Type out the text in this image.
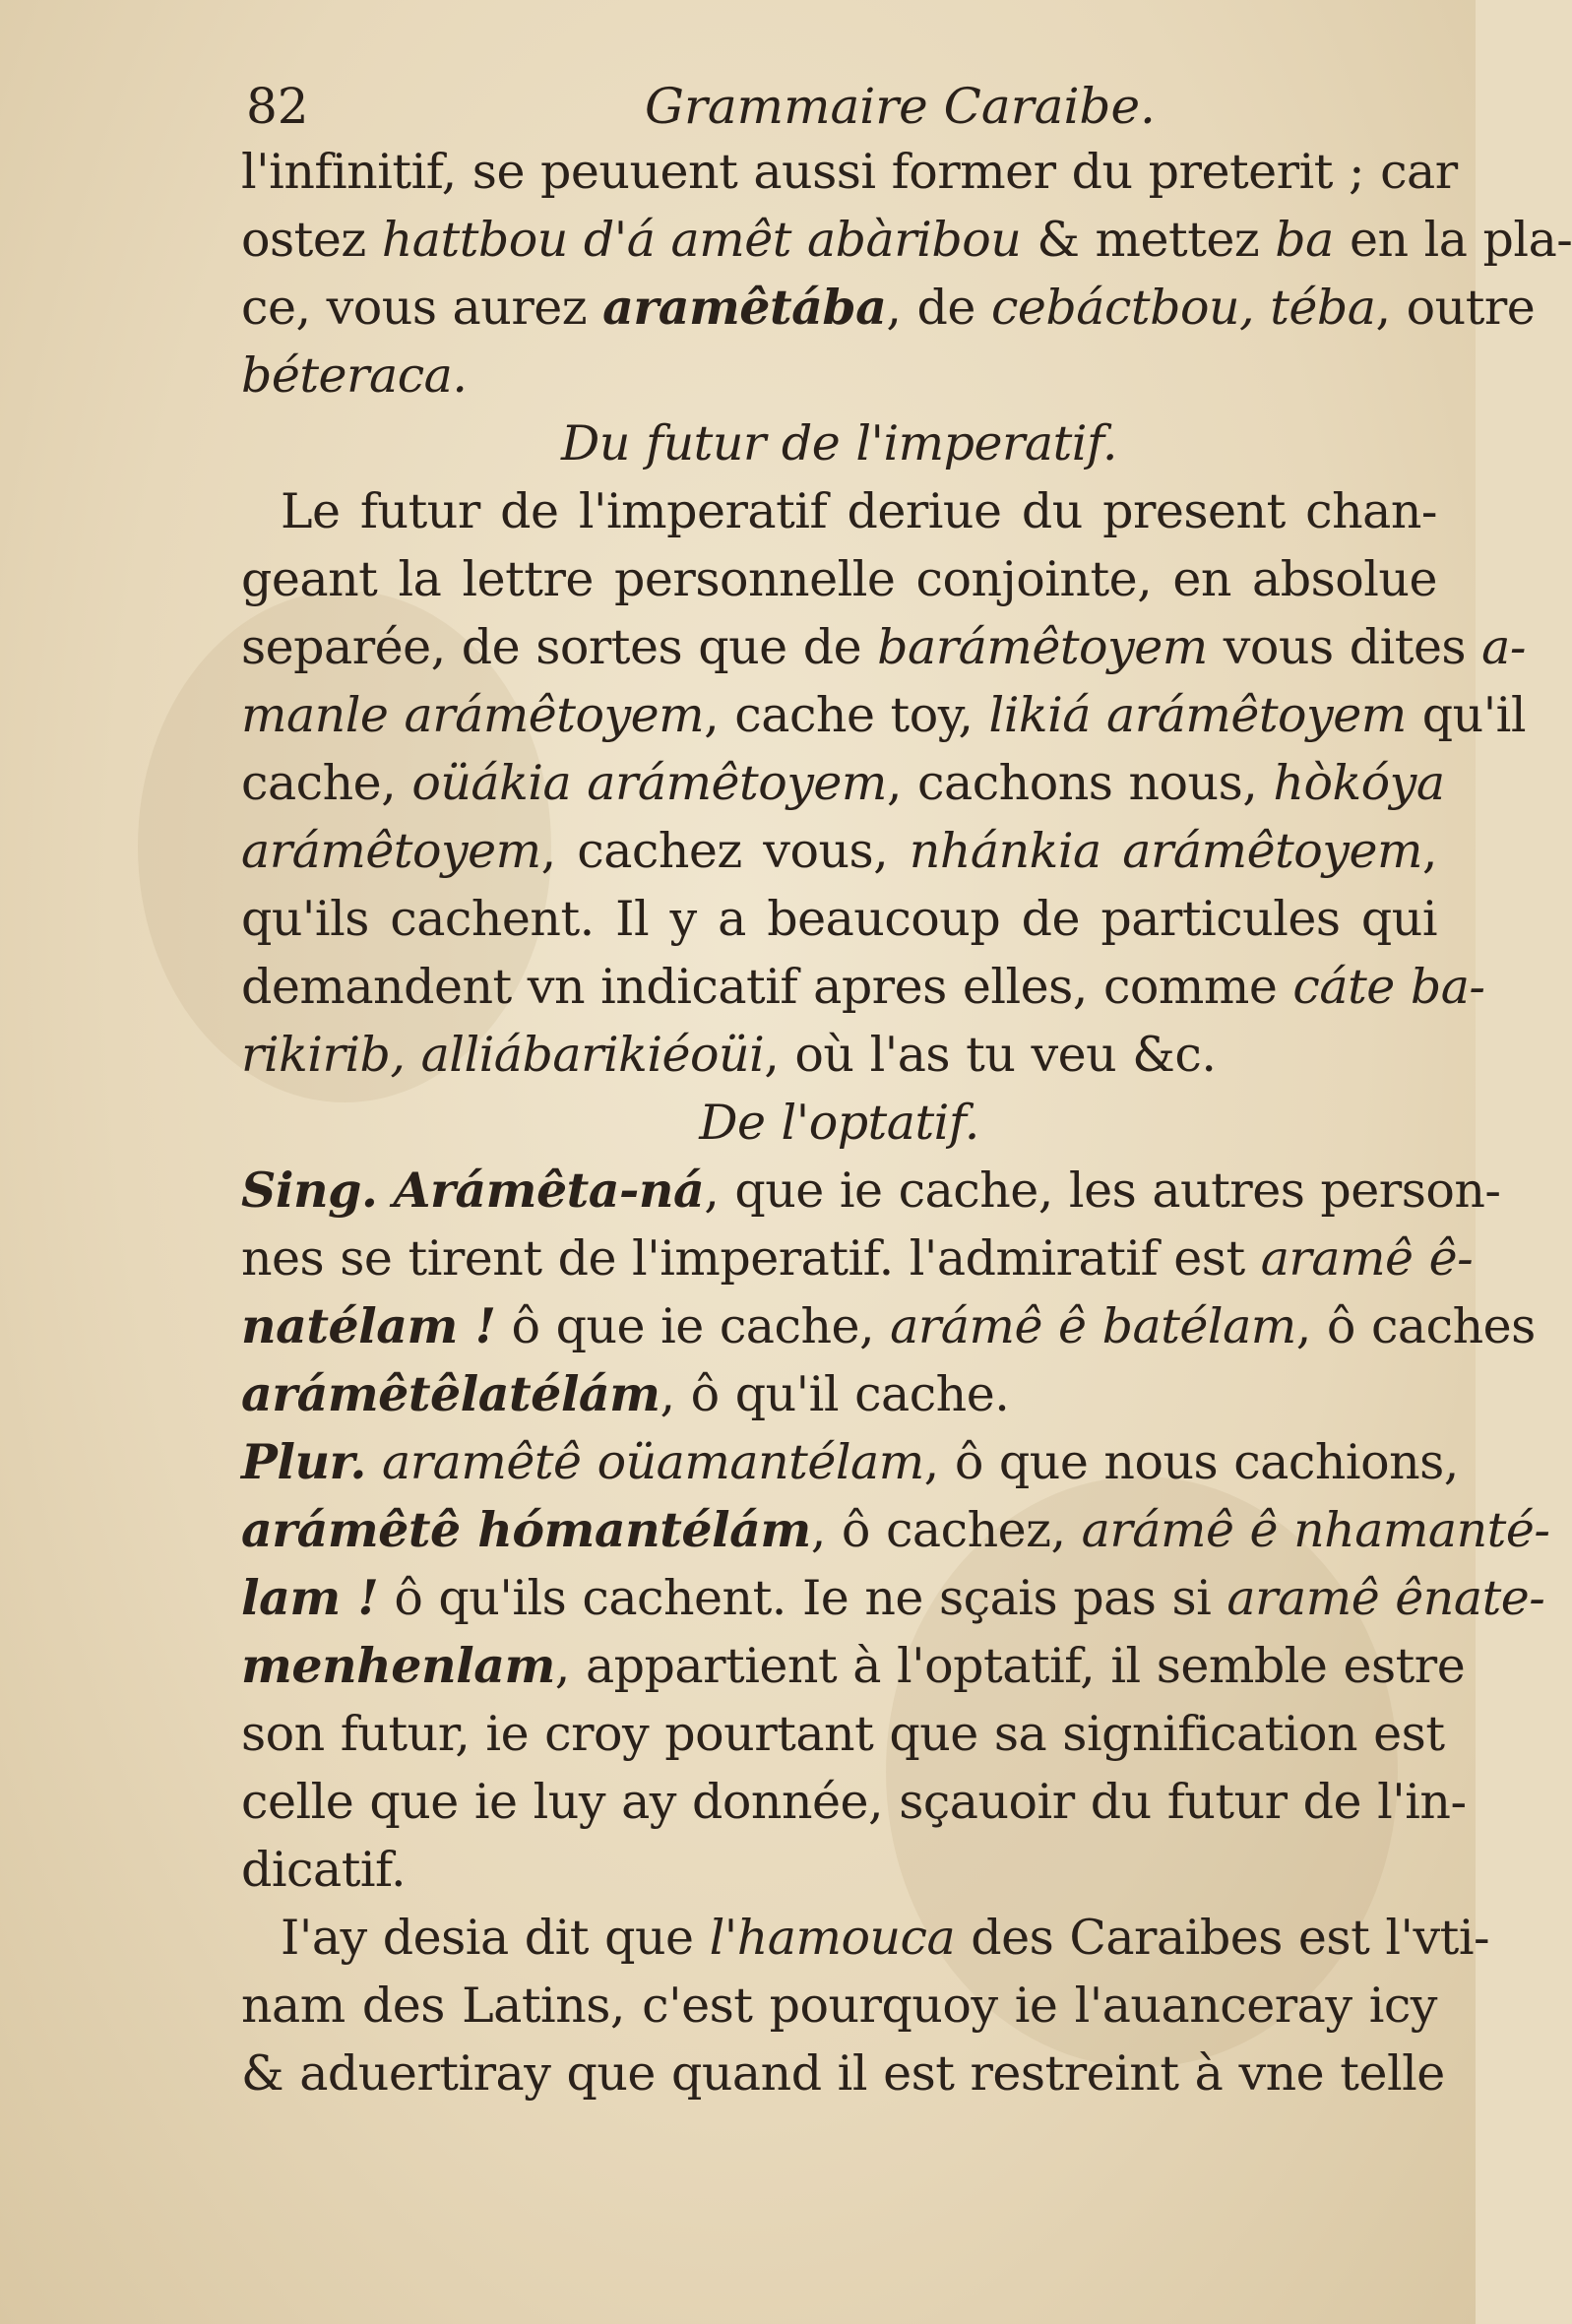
82	Grammaire Caraibe.
l'infinitif, se peuuent aussi former du preterit ; car
ostez hattbou d'á amêt abàribou & mettez ba en la pla-
ce, vous aurez aramêtába, de cebáctbou, téba, outre
béteraca.
Du futur de l'imperatif.
Le futur de l'imperatif deriue du present chan-
geant la lettre personnelle conjointe, en absolue
separée, de sortes que de barámêtoyem vous dites a-
manle arámêtoyem, cache toy, likiá arámêtoyem qu'il
cache, oüákia arámêtoyem, cachons nous, hòkóya
arámêtoyem, cachez vous, nhánkia arámêtoyem,
qu'ils cachent. Il y a beaucoup de particules qui
demandent vn indicatif apres elles, comme cáte ba-
rikirib, alliábarikiéoüi, où l'as tu veu &c.
De l'optatif.
Sing. Arámêta-ná, que ie cache, les autres person-
nes se tirent de l'imperatif. l'admiratif est aramê ê-
natélam ! ô que ie cache, arámê ê batélam, ô caches
arámêtêlatélám, ô qu'il cache.
Plur. aramêtê oüamantélam, ô que nous cachions,
arámêtê hómantélám, ô cachez, arámê ê nhamanté-
lam ! ô qu'ils cachent. Ie ne sçais pas si aramê ênate-
menhenlam, appartient à l'optatif, il semble estre
son futur, ie croy pourtant que sa signification est
celle que ie luy ay donnée, sçauoir du futur de l'in-
dicatif.
I'ay desia dit que l'hamouca des Caraibes est l'vti-
nam des Latins, c'est pourquoy ie l'auanceray icy
& aduertiray que quand il est restreint à vne telle
